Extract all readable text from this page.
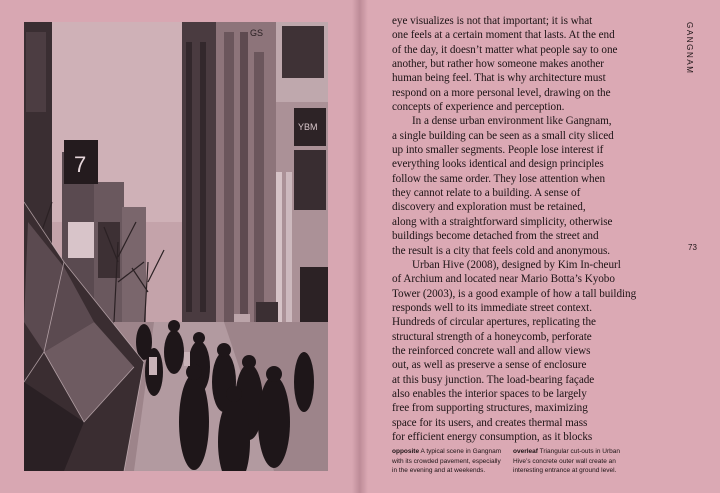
7
YBM
GS

eye visualizes is not that important; it is what
one feels at a certain moment that lasts. At the end
of the day, it doesn’t matter what people say to one
another, but rather how someone makes another
human being feel. That is why architecture must
respond on a more personal level, drawing on the
concepts of experience and perception.

In a dense urban environment like Gangnam,
a single building can be seen as a small city sliced
up into smaller segments. People lose interest if
everything looks identical and design principles
follow the same order. They lose attention when
they cannot relate to a building. A sense of
discovery and exploration must be retained,
along with a straightforward simplicity, otherwise
buildings become detached from the street and
the result is a city that feels cold and anonymous.

Urban Hive (2008), designed by Kim In-cheurl
of Archium and located near Mario Botta’s Kyobo
Tower (2003), is a good example of how a tall building
responds well to its immediate street context.
Hundreds of circular apertures, replicating the
structural strength of a honeycomb, perforate
the reinforced concrete wall and allow views
out, as well as preserve a sense of enclosure
at this busy junction. The load-bearing façade
also enables the interior spaces to be largely
free from supporting structures, maximizing
space for its users, and creates thermal mass
for efficient energy consumption, as it blocks

GANGNAM
73
opposite A typical scene in Gangnam
with its crowded pavement, especially
in the evening and at weekends.
overleaf Triangular cut-outs in Urban
Hive’s concrete outer wall create an
interesting entrance at ground level.
